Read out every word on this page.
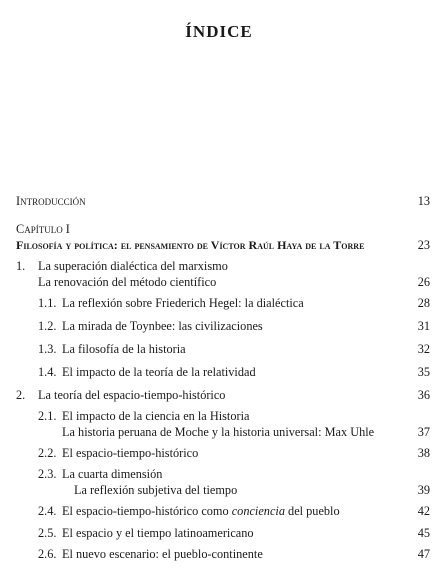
ÍNDICE
Introducción	13
Capítulo I
Filosofía y política: el pensamiento de Víctor Raúl Haya de la Torre	23
1. La superación dialéctica del marxismo
La renovación del método científico	26
1.1. La reflexión sobre Friederich Hegel: la dialéctica	28
1.2. La mirada de Toynbee: las civilizaciones	31
1.3. La filosofía de la historia	32
1.4. El impacto de la teoría de la relatividad	35
2. La teoría del espacio-tiempo-histórico	36
2.1. El impacto de la ciencia en la Historia
La historia peruana de Moche y la historia universal: Max Uhle	37
2.2. El espacio-tiempo-histórico	38
2.3. La cuarta dimensión
La reflexión subjetiva del tiempo	39
2.4. El espacio-tiempo-histórico como conciencia del pueblo	42
2.5. El espacio y el tiempo latinoamericano	45
2.6. El nuevo escenario: el pueblo-continente	47
